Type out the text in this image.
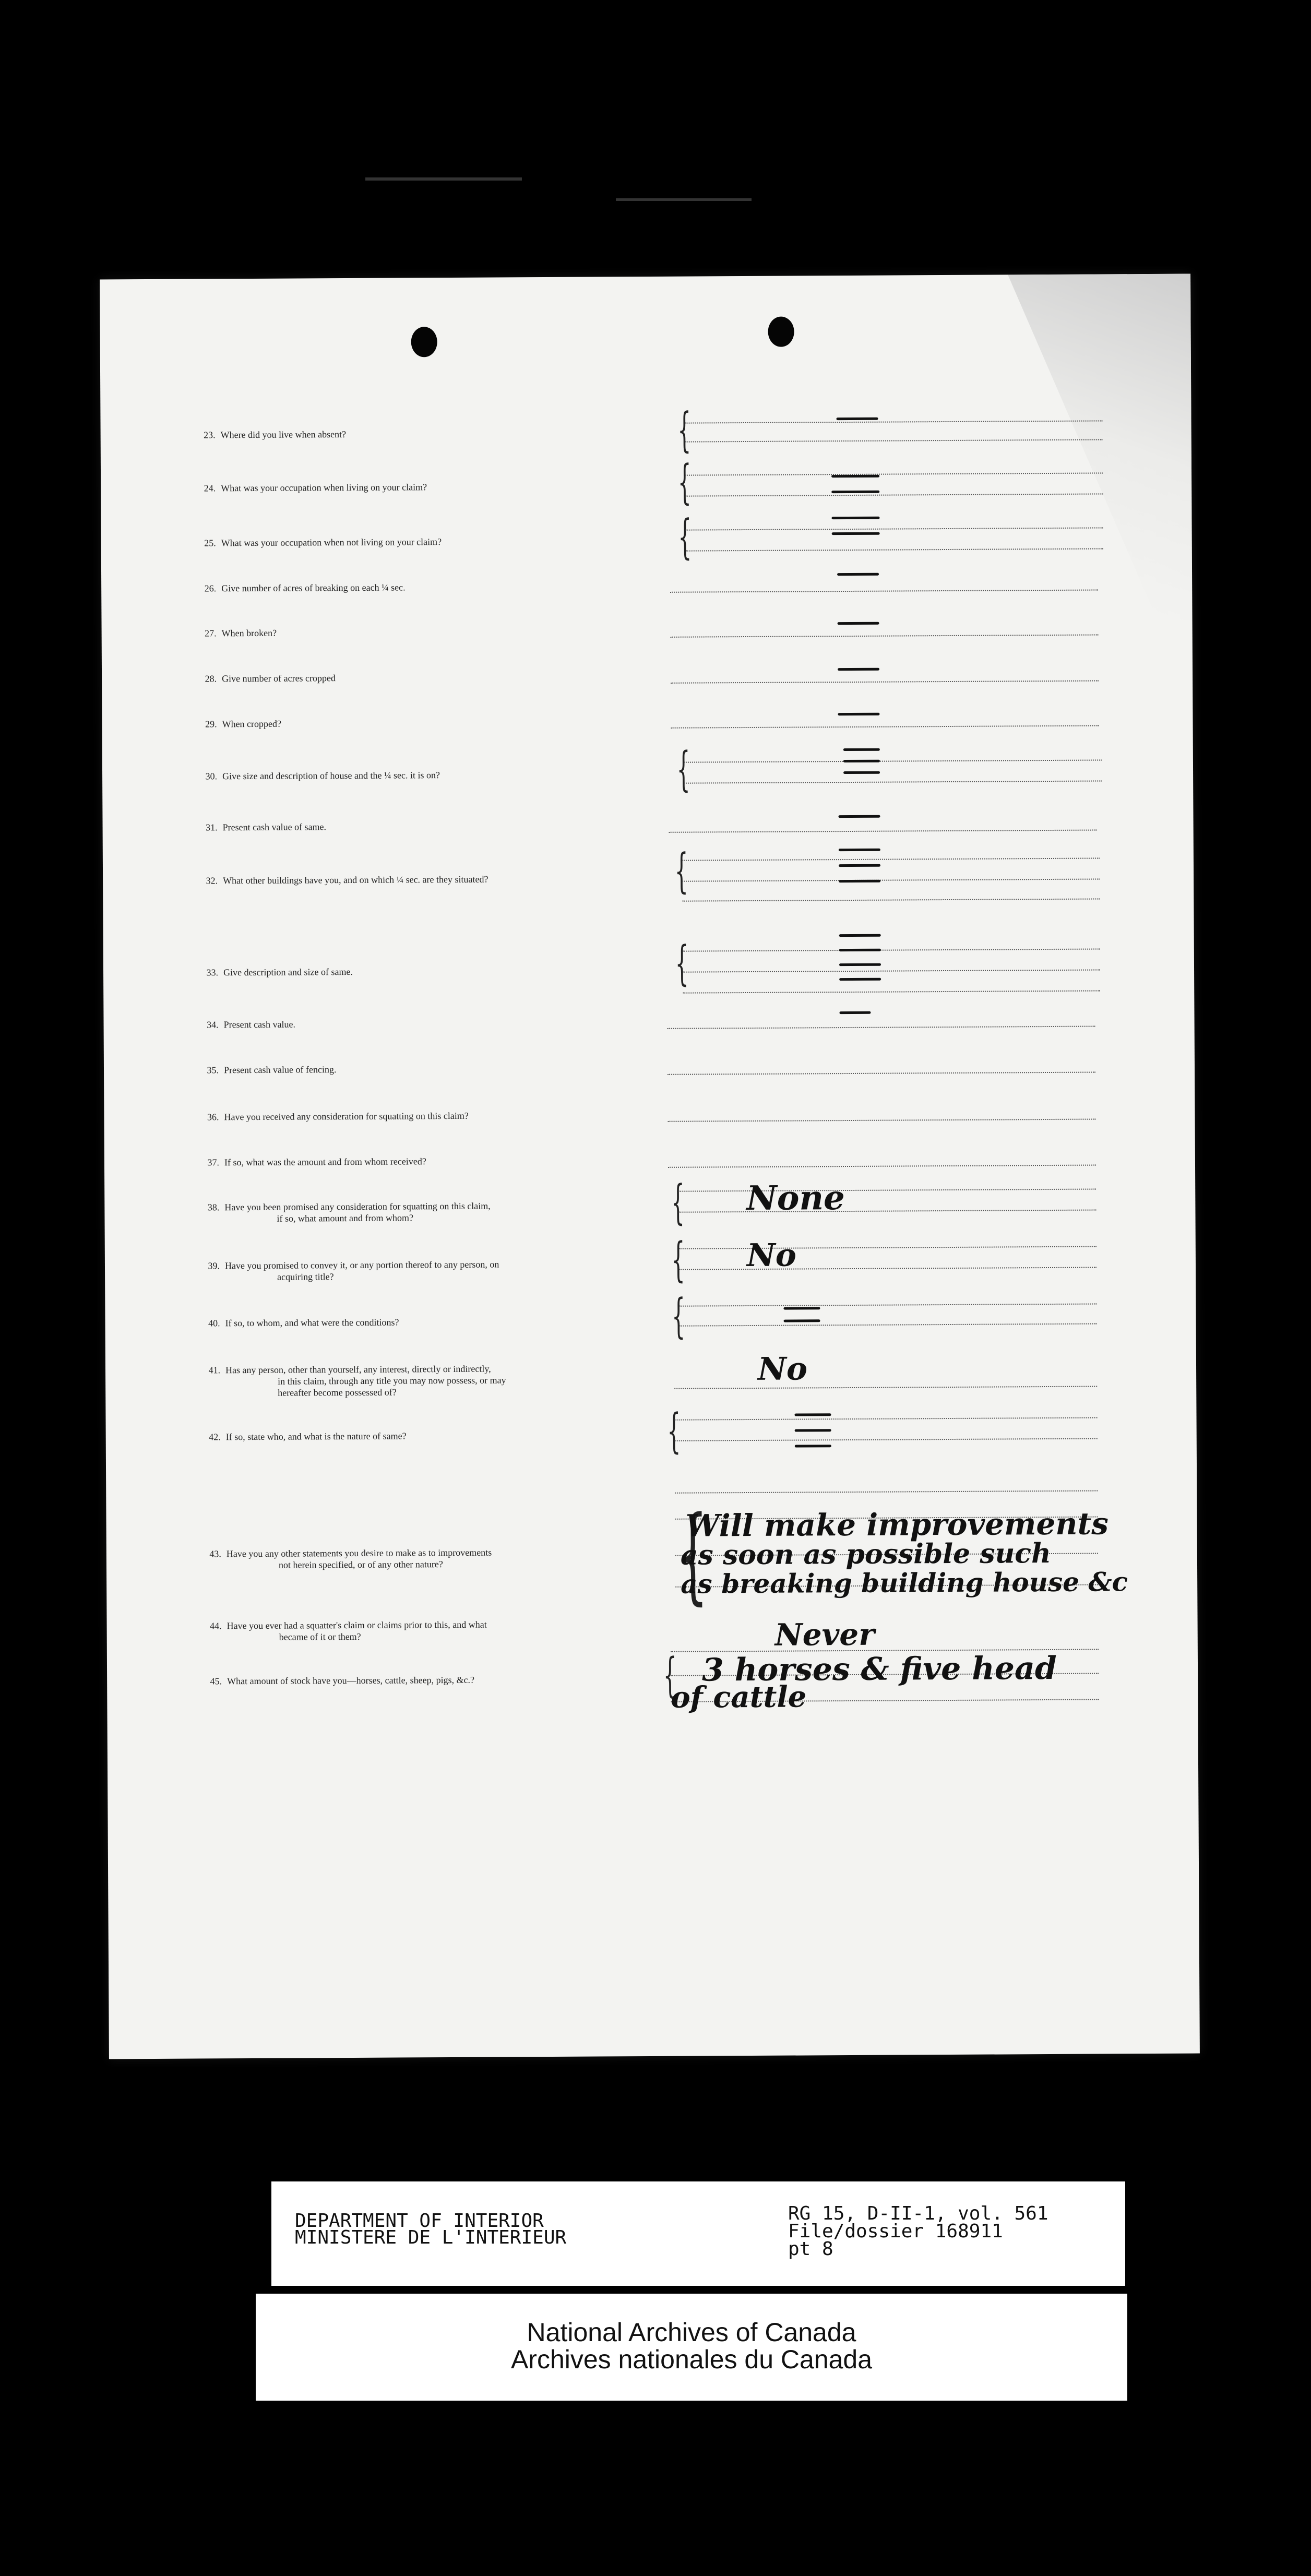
23. Where did you live when absent?	{
24. What was your occupation when living on your claim?	{
25. What was your occupation when not living on your claim?	{
26. Give number of acres of breaking on each ¼ sec.
27. When broken?
28. Give number of acres cropped
29. When cropped?
30. Give size and description of house and the ¼ sec. it is on?	{
31. Present cash value of same.
32. What other buildings have you, and on which ¼ sec. are they situated?	{
33. Give description and size of same.	{
34. Present cash value.
35. Present cash value of fencing.
36. Have you received any consideration for squatting on this claim?
37. If so, what was the amount and from whom received?
38. Have you been promised any consideration for squatting on this claim,
if so, what amount and from whom?	{ None
39. Have you promised to convey it, or any portion thereof to any person, on
acquiring title?	{ No
40. If so, to whom, and what were the conditions?	{
41. Has any person, other than yourself, any interest, directly or indirectly,
in this claim, through any title you may now possess, or may
hereafter become possessed of?
No
42. If so, state who, and what is the nature of same?	{
43. Have you any other statements you desire to make as to improvements
not herein specified, or of any other nature?	{
Will make improvements
as soon as possible such
as breaking building house &c
44. Have you ever had a squatter's claim or claims prior to this, and what
became of it or them?	Never
45. What amount of stock have you—horses, cattle, sheep, pigs, &c.?	{ 3 horses & five head
of cattle
DEPARTMENT OF INTERIOR
MINISTERE DE L'INTERIEUR
RG 15, D-II-1, vol. 561
File/dossier 168911
pt 8
National Archives of Canada
Archives nationales du Canada
